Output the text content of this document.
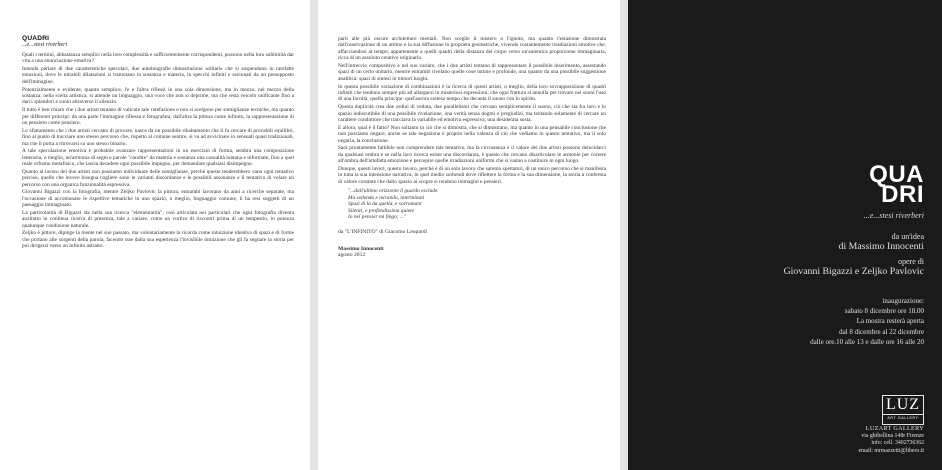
QUADRI
...e...stesi riverberi

Quali i termini, abbastanza semplici nella loro complessità e sufficientemente corrispondenti, possono nella loro sublimità dar vita a una enunciazione emotiva?

Intendo parlare di due caratteristiche speculari, due autobiografie dimostrazioni solitarie che si sospendono in rarefatte emozioni, dove le mirabili dilatazioni si tramutano in sostanza e materia, in specchi infiniti e sezionati da un presupposto dell'immagine.

Potenzialmente e evidente, quanto semplice, l'e e l'altra riflessi in una sola dimensione, ma in mezzo, nel mezzo della sostanza, nella scelta artistica, si attende un linguaggio, una voce che non si deprime, ma che resta veicolo unificante fino a darci splendori e suoni attraverso il silenzio.

Il tutto è ben chiaro che i due artisti tentano di valicare tale rarefazione e non si scelgono per somiglianze tecniche, ma quanto per differenti principi: da una parte l'immagine riflessa e fotografata, dall'altra la pittura come infinito, la rappresentazione di un pensiero come pensiero.

Lo sfiatamento che i due artisti cercano di provare, nasce da un possibile ribaltamento che li fa cercare di provabili equilibri, fino al punto di tracciare uno stesso percorso che, rispetto al comune sentire, si va ad avvicinare in sensuali quasi tradizionali, ma che li porta a ritrovarsi su uno stesso binario.

A tale speculazione emotiva è probabile avanzare rappresentazioni in un esercizio di forma, sembra una composizione letteraria, o meglio, un'armonia di segni e parole "condite" da materia e sostanza una casualità lontana e informale, fino a quel reale orfismo metafisico, che lascia decadere ogni possibile impegno, per demandare qualsiasi disimpegno.

Quanto al lavoro dei due artisti non possiamo individuare delle somiglianze, perché queste tenderebbero vano ogni tentativo preciso, quello che invece bisogna cogliere sono le varianti discordanze e le possibili assonanze e il tentativo di volare un percorso con una organica funzionalità espressiva.

Giovanni Bigazzi con la fotografia, mentre Zeljko Pavlovic la pittura, entrambi lavorano da anni a ricerche separate, ma l'occasione di accomunare le rispettive tematiche in uno spazio, o meglio, linguaggio comune, li ha resi soggetti di un paesaggio immaginato.

La particolarità di Bigazzi sta nella sua ricerca "elementarità", così articolata nei particolari che ogni fotografia diventa anzitutto in continua ricerca di presenza, tale a variare, come un vortice di riscontri prima di un tempestio, in purezza qualunque condizione naturale.

Zeljko è pittore, dipinge la mente nel suo passato, ma volontariamente la ricorda come intuizione ideativa di spazi e di forme che portano alle sorgenti della parola, facendo trae dalla sua esperienza l'invisibile intuizione che gli fa segnare la storia per poi dirigersi verso un infinito astratto.

parti alle più oscure architetture mentali. Non sceglie il mistero o l'ignoto, ma quanto l'estasione dimostrata dall'osservazione di un attimo e la sua diffusione in proprietà geometriche, vivendo costantemente irradiazioni emotive che, affacciandosi al tempo, appartenente a quelli quadri della distanza del corpo verso un'autentica proporzione immaginaria, ricca di un assoluto creativo originario.

Nell'intreccio compositivo e nel suo variare, che i due artisti tentano di rappresentare il possibile inserimento, assestando spazi di un certo unitario, mentre entrambi rivelano quelle cose intime e profonde, una quanto da una possibile suggestione analitica: spazi di sintesi in minori luoghi.

In questa possibile variazione di combinazioni è la ricerca di questi artisti, o meglio, della loro sovrapposizione di quadri infiniti che tendono sempre più ad allargarsi in misteriosi espressioni, che ogni frattura si annulla per trovare nei suoni l'uso di una facoltà, quella principe: quel'aurora sottesa tempo che decanta il suono con lo spirito.

Questa duplicità crea due ordini di veduta, due parallelismi che cercano semplicemente il suono, ciò che sta fra loro e lo spazio indiscutibile di una possibile rivelazione, una verità senza dogmi o pregiudizi, ma tentando solamente di cercare un carattere conduttore che tracciava la variabile ed emotiva espressiva, una desiderata sosta.

E allora, qual è il fatto? Non soltanto in ciò che si dimostra, che si dimostrano, ma quanto in una pensabile conclusione che non possiamo negare, anche se tale negazione è proprio nella valenza di ciò che vediamo in questo tentativo, ma il solo negarla, la conclusione.

Sarà prontamente fattibile non comprendere tale tentativo, ma la circostanza è il valore dei due artisti possono delucidarci da qualsiasi ombra e se nella loro ricerca esiste una discordanza, è questo che cercano disarticolare le armonie per correre all'ombra dell'artefatta emozione e percepire quelle irradiazioni uniformi che si vanno a costituire in ogni luogo.

Dunque, questi lavori, questo lavoro, perché è di un solo lavoro che saremo spettatori, di un unico percorso che si manifesta in tutta la sua intensione narrativa, in quel medio sorbendi dove riflettere la forma e la sua dimensione, la storia a conferma di valore costante che dallo spazio ai scopre si rendono immagini e pensieri.

"...dall'ultimo orizzonte il guardo esclude.
Ma sedendo e mirando, interminati
Spazi di là da quella, e sovrumani
Silenzi, e profondissima quiete
Io nel pensier mi fingo; ..."
da "L'INFINITO" di Giacomo Leopardi
Massimo Innocenti
agosto 2012
QUA
DRI
...e...stesi riverberi
da un'idea
di Massimo Innocenti
opere di
Giovanni Bigazzi e Zeljko Pavlovic
inaugurazione:
sabato 8 dicembre ore 18.00
La mostra resterà aperta
dal 8 dicembre al 22 dicembre
dalle ore.10 alle 13 e dalle ore 16 alle 20
LUZ
ART GALLERY
LUZART GALLERY
via ghibellina 148r Firenze
info: cell. 3402736362
email: mrmazzetti@libero.it
